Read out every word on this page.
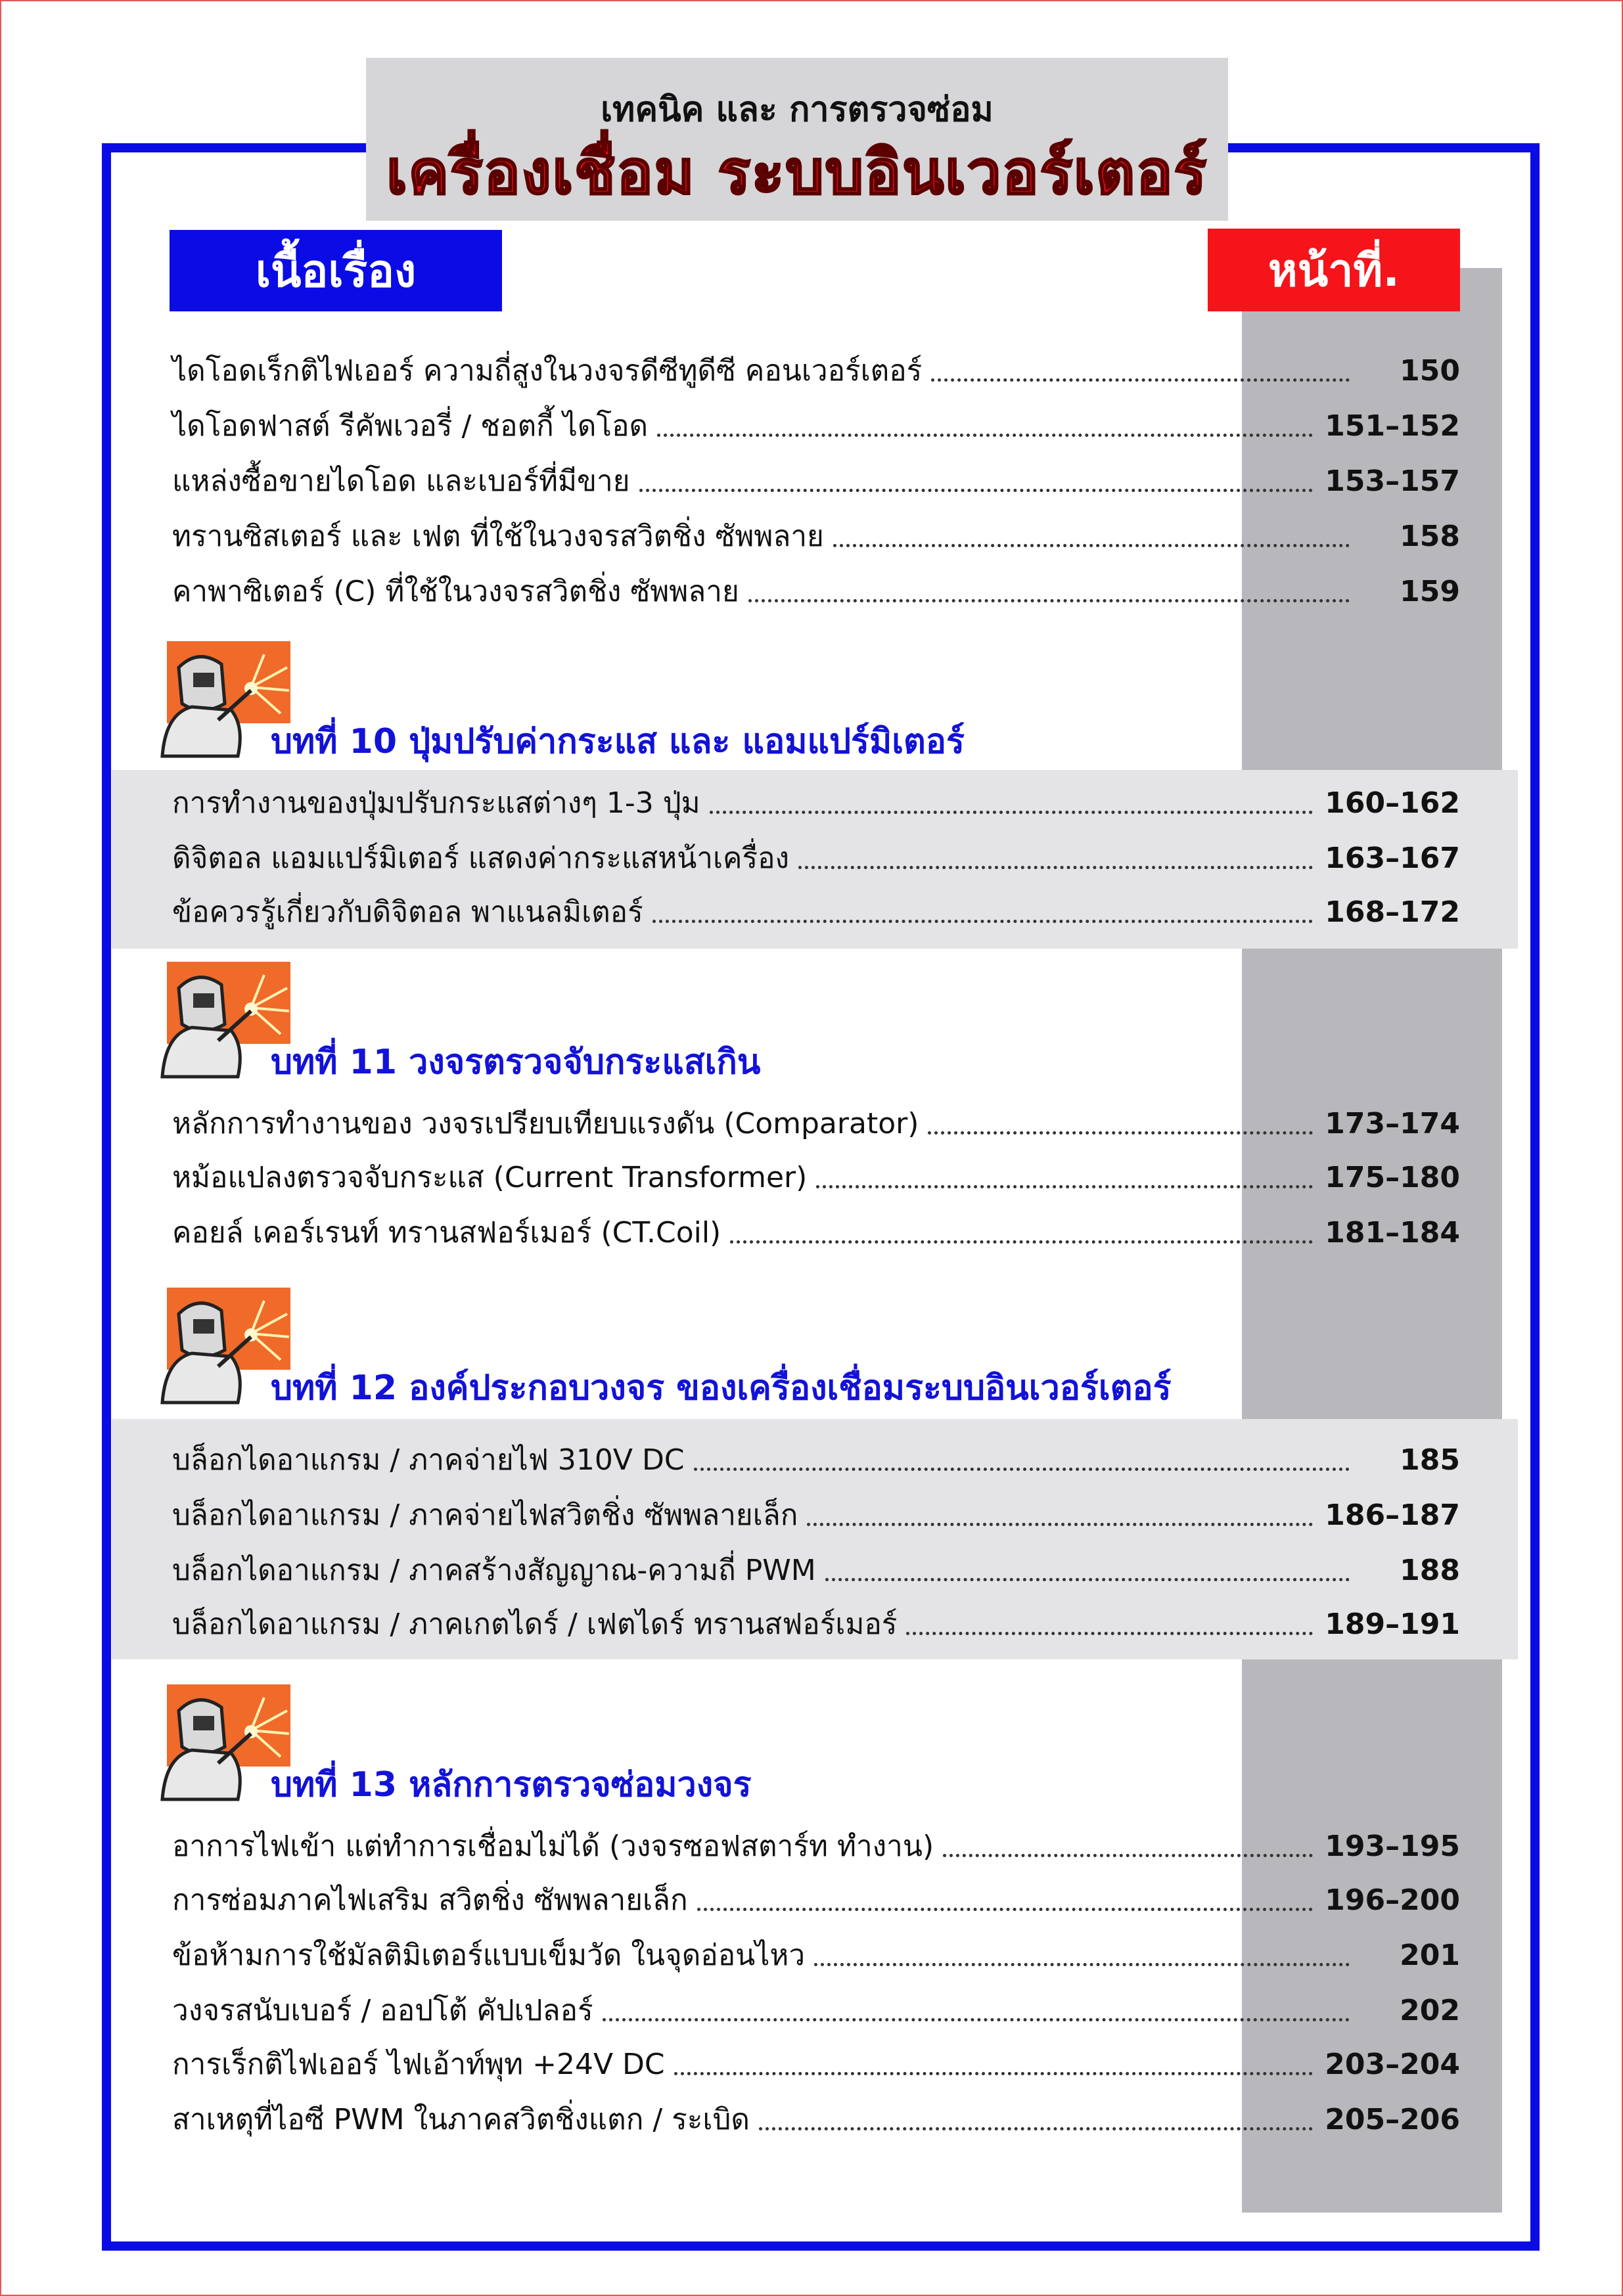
เทคนิค และ การตรวจซ่อม
เครื่องเชื่อม ระบบอินเวอร์เตอร์
เนื้อเรื่อง	หน้าที่.
ไดโอดเร็กติไฟเออร์ ความถี่สูงในวงจรดีซีทูดีซี คอนเวอร์เตอร์	150
ไดโอดฟาสต์ รีคัพเวอรี่ / ชอตกี้ ไดโอด	151–152
แหล่งซื้อขายไดโอด และเบอร์ที่มีขาย	153–157
ทรานซิสเตอร์ และ เฟต ที่ใช้ในวงจรสวิตชิ่ง ซัพพลาย	158
คาพาซิเตอร์ (C) ที่ใช้ในวงจรสวิตชิ่ง ซัพพลาย	159
บทที่ 10 ปุ่มปรับค่ากระแส และ แอมแปร์มิเตอร์
การทำงานของปุ่มปรับกระแสต่างๆ 1-3 ปุ่ม	160–162
ดิจิตอล แอมแปร์มิเตอร์ แสดงค่ากระแสหน้าเครื่อง	163–167
ข้อควรรู้เกี่ยวกับดิจิตอล พาแนลมิเตอร์	168–172
บทที่ 11 วงจรตรวจจับกระแสเกิน
หลักการทำงานของ วงจรเปรียบเทียบแรงดัน (Comparator)	173–174
หม้อแปลงตรวจจับกระแส (Current Transformer)	175–180
คอยล์ เคอร์เรนท์ ทรานสฟอร์เมอร์ (CT.Coil)	181–184
บทที่ 12 องค์ประกอบวงจร ของเครื่องเชื่อมระบบอินเวอร์เตอร์
บล็อกไดอาแกรม / ภาคจ่ายไฟ 310V DC	185
บล็อกไดอาแกรม / ภาคจ่ายไฟสวิตชิ่ง ซัพพลายเล็ก	186–187
บล็อกไดอาแกรม / ภาคสร้างสัญญาณ-ความถี่ PWM	188
บล็อกไดอาแกรม / ภาคเกตไดร์ / เฟตไดร์ ทรานสฟอร์เมอร์	189–191
บทที่ 13 หลักการตรวจซ่อมวงจร
อาการไฟเข้า แต่ทำการเชื่อมไม่ได้ (วงจรซอฟสตาร์ท ทำงาน)	193–195
การซ่อมภาคไฟเสริม สวิตชิ่ง ซัพพลายเล็ก	196–200
ข้อห้ามการใช้มัลติมิเตอร์แบบเข็มวัด ในจุดอ่อนไหว	201
วงจรสนับเบอร์ / ออปโต้ คัปเปลอร์	202
การเร็กติไฟเออร์ ไฟเอ้าท์พุท +24V DC	203–204
สาเหตุที่ไอซี PWM ในภาคสวิตชิ่งแตก / ระเบิด	205–206
